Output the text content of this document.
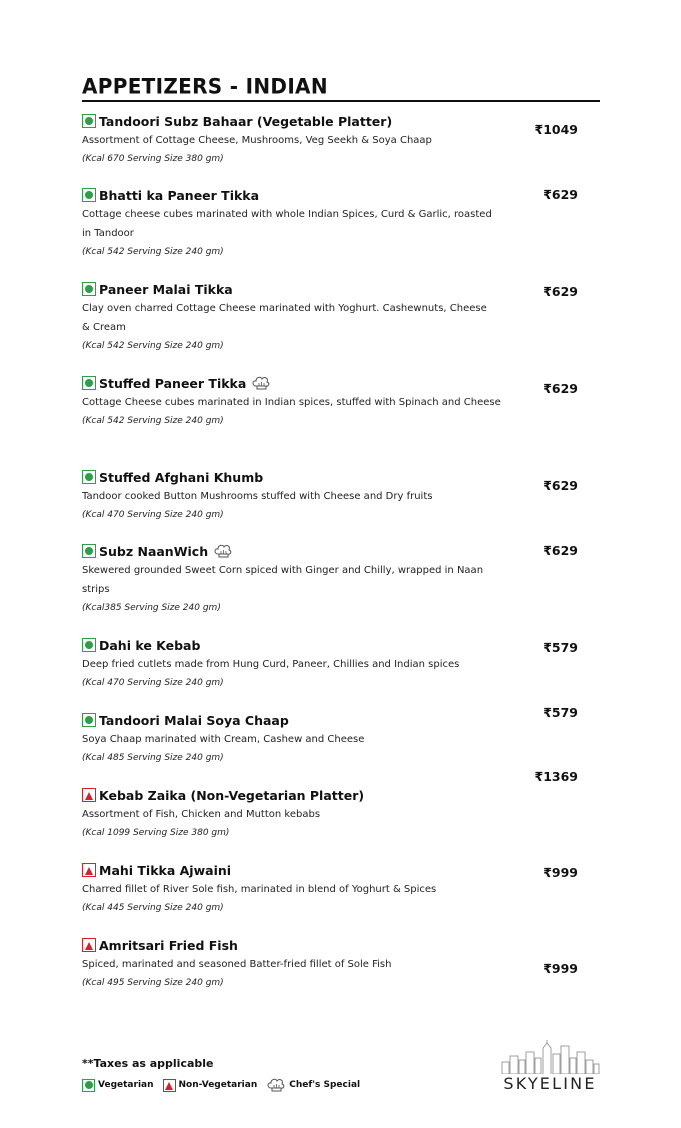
APPETIZERS - INDIAN
Tandoori Subz Bahaar (Vegetable Platter)
Assortment of Cottage Cheese, Mushrooms, Veg Seekh & Soya Chaap
(Kcal 670 Serving Size 380 gm)
₹1049
Bhatti ka Paneer Tikka
Cottage cheese cubes marinated with whole Indian Spices, Curd & Garlic, roasted in Tandoor
(Kcal 542 Serving Size 240 gm)
₹629
Paneer Malai Tikka
Clay oven charred Cottage Cheese marinated with Yoghurt. Cashewnuts, Cheese & Cream
(Kcal 542 Serving Size 240 gm)
₹629
Stuffed Paneer Tikka
Cottage Cheese cubes marinated in Indian spices, stuffed with Spinach and Cheese
(Kcal 542 Serving Size 240 gm)
₹629
Stuffed Afghani Khumb
Tandoor cooked Button Mushrooms stuffed with Cheese and Dry fruits
(Kcal 470 Serving Size 240 gm)
₹629
Subz NaanWich
Skewered grounded Sweet Corn spiced with Ginger and Chilly, wrapped in Naan strips
(Kcal385 Serving Size 240 gm)
₹629
Dahi ke Kebab
Deep fried cutlets made from Hung Curd, Paneer, Chillies and Indian spices
(Kcal 470 Serving Size 240 gm)
₹579
Tandoori Malai Soya Chaap
Soya Chaap marinated with Cream, Cashew and Cheese
(Kcal 485 Serving Size 240 gm)
₹579
Kebab Zaika (Non-Vegetarian Platter)
Assortment of Fish, Chicken and Mutton kebabs
(Kcal 1099 Serving Size 380 gm)
₹1369
Mahi Tikka Ajwaini
Charred fillet of River Sole fish, marinated in blend of Yoghurt & Spices
(Kcal 445 Serving Size 240 gm)
₹999
Amritsari Fried Fish
Spiced, marinated and seasoned Batter-fried fillet of Sole Fish
(Kcal 495 Serving Size 240 gm)
₹999
**Taxes as applicable
Vegetarian	Non-Vegetarian	Chef's Special	SKYELINE
